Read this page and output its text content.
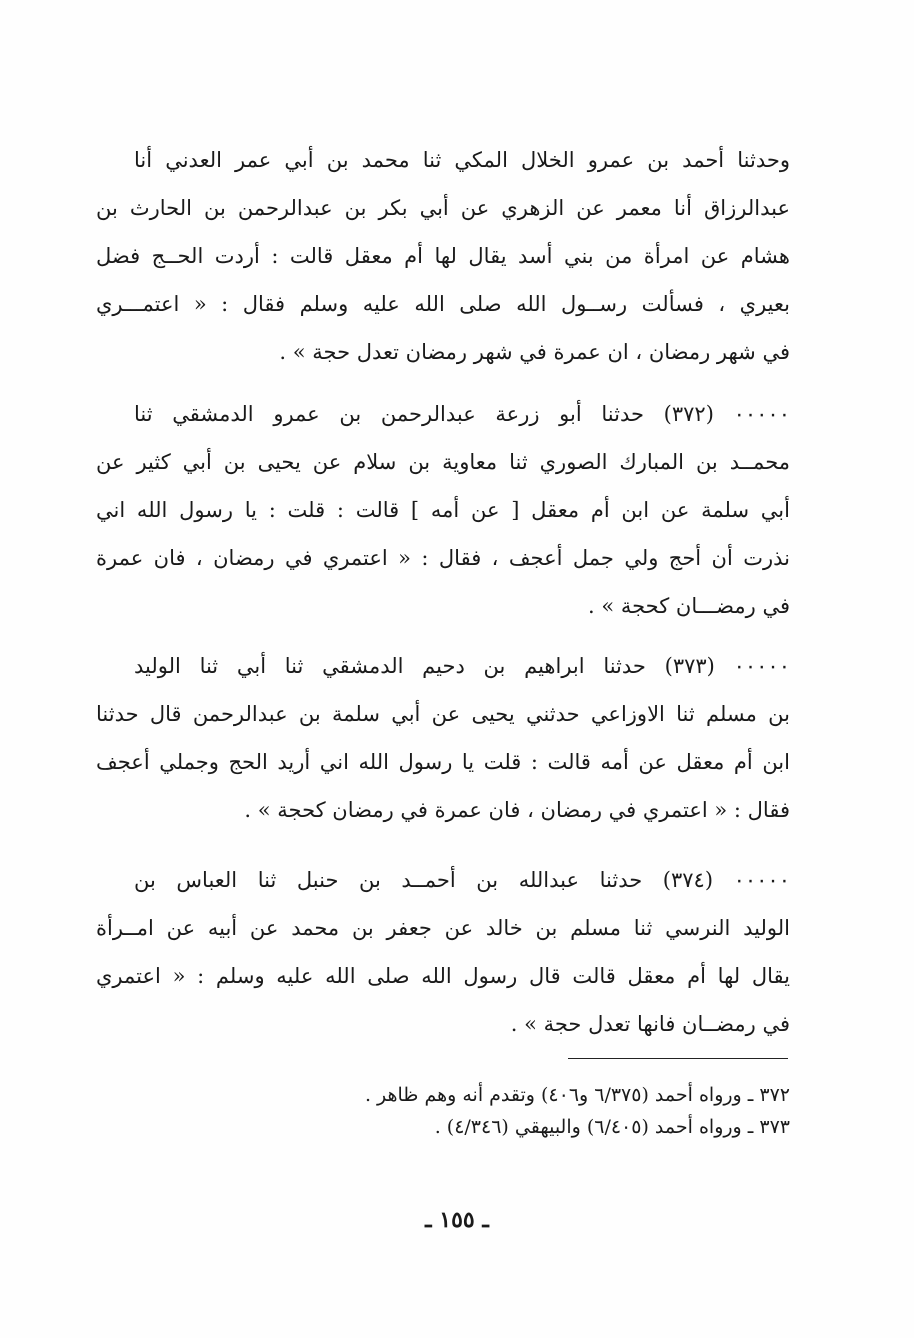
وحدثنا أحمد بن عمرو الخلال المكي ثنا محمد بن أبي عمر العدني أنا
عبدالرزاق أنا معمر عن الزهري عن أبي بكر بن عبدالرحمن بن الحارث بن
هشام عن امرأة من بني أسد يقال لها أم معقل قالت : أردت الحــج فضل
بعيري ، فسألت رســول الله صلى الله عليه وسلم فقال : « اعتمـــري
في شهر رمضان ، ان عمرة في شهر رمضان تعدل حجة » .
٠٠٠٠٠ (٣٧٢) حدثنا أبو زرعة عبدالرحمن بن عمرو الدمشقي ثنا
محمــد بن المبارك الصوري ثنا معاوية بن سلام عن يحيى بن أبي كثير عن
أبي سلمة عن ابن أم معقل [ عن أمه ] قالت : قلت : يا رسول الله اني
نذرت أن أحج ولي جمل أعجف ، فقال : « اعتمري في رمضان ، فان عمرة
في رمضـــان كحجة » .
٠٠٠٠٠ (٣٧٣) حدثنا ابراهيم بن دحيم الدمشقي ثنا أبي ثنا الوليد
بن مسلم ثنا الاوزاعي حدثني يحيى عن أبي سلمة بن عبدالرحمن قال حدثنا
ابن أم معقل عن أمه قالت : قلت يا رسول الله اني أريد الحج وجملي أعجف
فقال : « اعتمري في رمضان ، فان عمرة في رمضان كحجة » .
٠٠٠٠٠ (٣٧٤) حدثنا عبدالله بن أحمــد بن حنبل ثنا العباس بن
الوليد النرسي ثنا مسلم بن خالد عن جعفر بن محمد عن أبيه عن امــرأة
يقال لها أم معقل قالت قال رسول الله صلى الله عليه وسلم : « اعتمري
في رمضــان فانها تعدل حجة » .
٣٧٢ ـ ورواه أحمد (٦/٣٧٥ و٤٠٦) وتقدم أنه وهم ظاهر .
٣٧٣ ـ ورواه أحمد (٦/٤٠٥) والبيهقي (٤/٣٤٦) .
ـ ١٥٥ ـ
